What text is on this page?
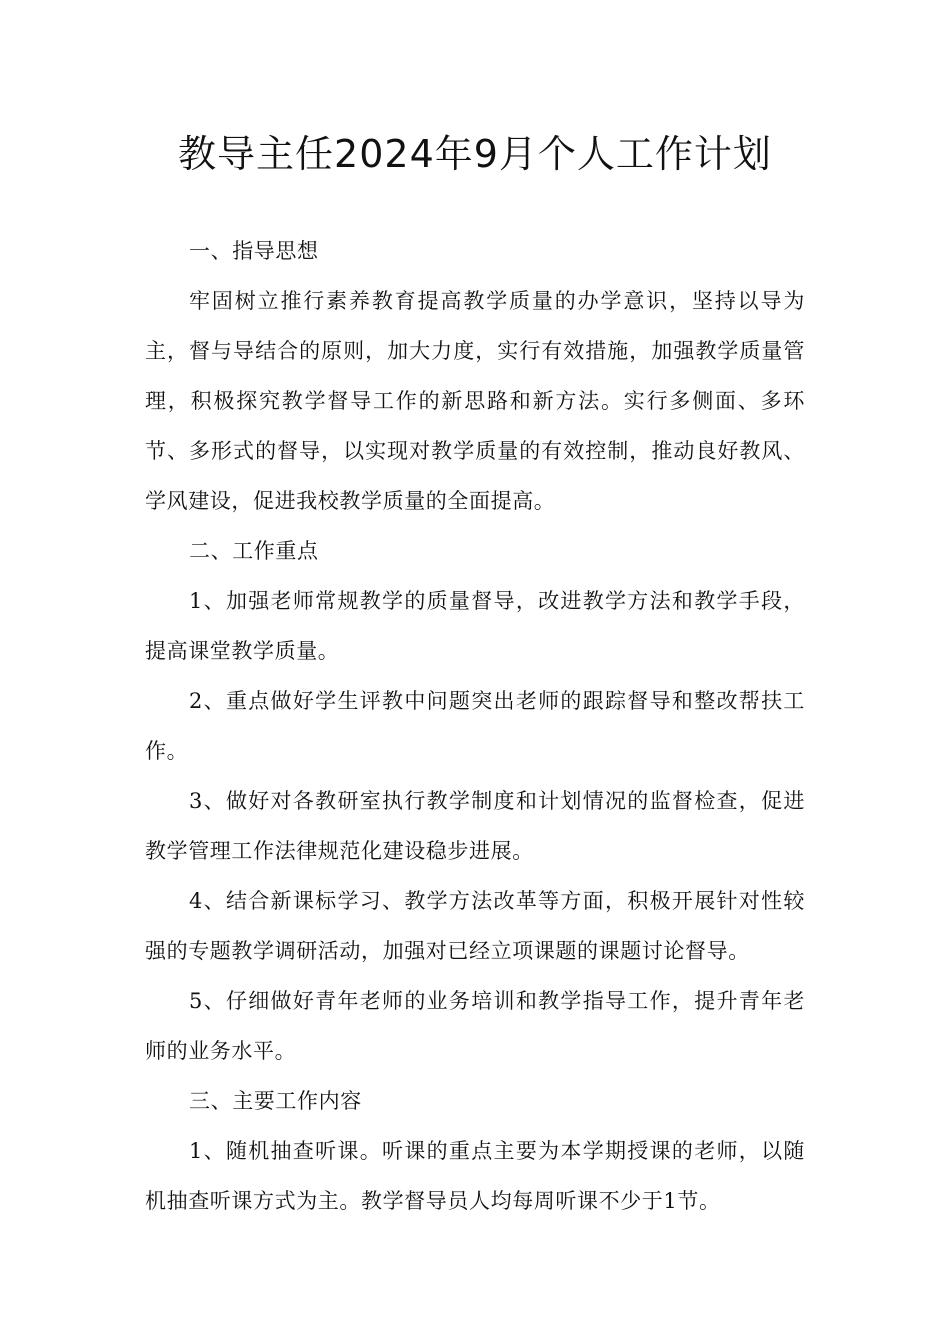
教导主任2024年9月个人工作计划

一、指导思想

牢固树立推行素养教育提高教学质量的办学意识，坚持以导为主，督与导结合的原则，加大力度，实行有效措施，加强教学质量管理，积极探究教学督导工作的新思路和新方法。实行多侧面、多环节、多形式的督导，以实现对教学质量的有效控制，推动良好教风、学风建设，促进我校教学质量的全面提高。

二、工作重点

1、加强老师常规教学的质量督导，改进教学方法和教学手段，提高课堂教学质量。

2、重点做好学生评教中问题突出老师的跟踪督导和整改帮扶工作。

3、做好对各教研室执行教学制度和计划情况的监督检查，促进教学管理工作法律规范化建设稳步进展。

4、结合新课标学习、教学方法改革等方面，积极开展针对性较强的专题教学调研活动，加强对已经立项课题的课题讨论督导。

5、仔细做好青年老师的业务培训和教学指导工作，提升青年老师的业务水平。

三、主要工作内容

1、随机抽查听课。听课的重点主要为本学期授课的老师，以随机抽查听课方式为主。教学督导员人均每周听课不少于1节。
